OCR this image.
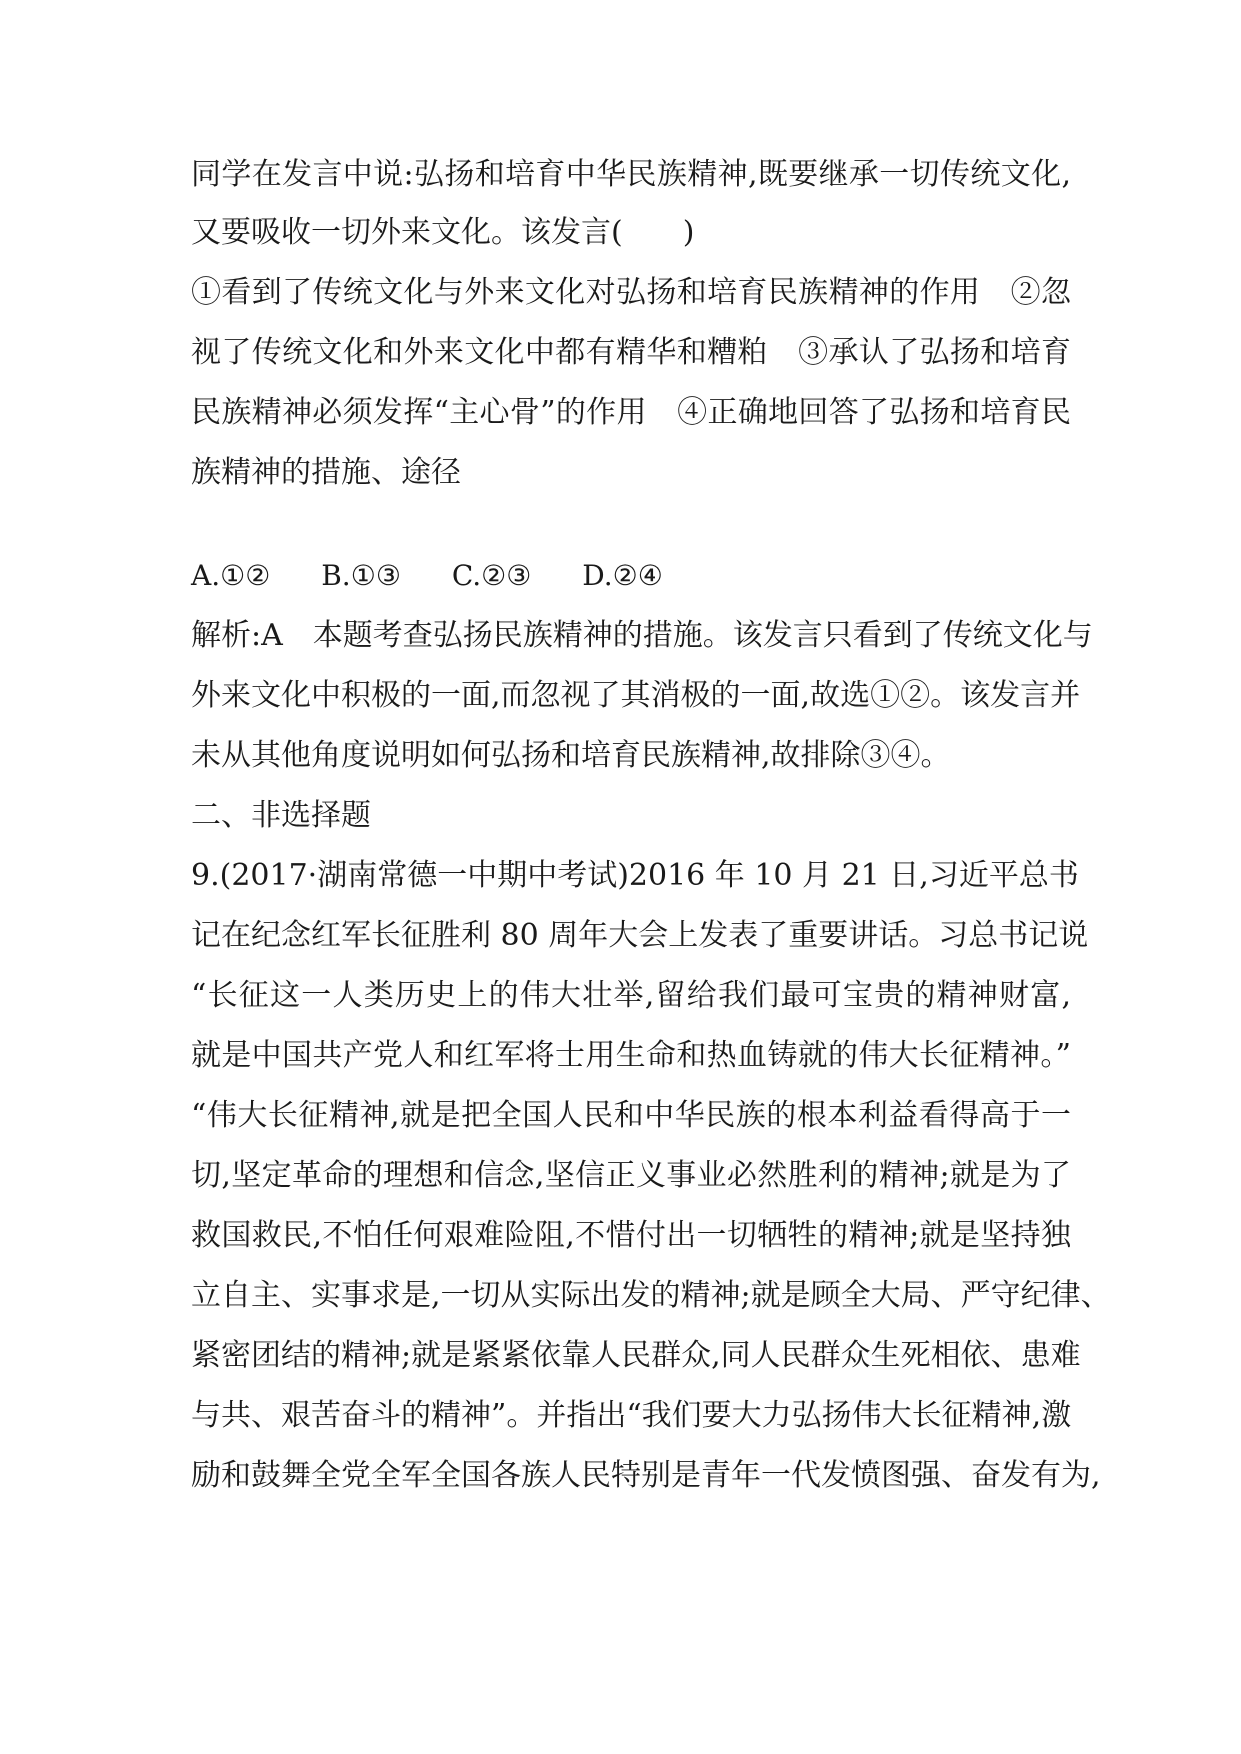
同学在发言中说:弘扬和培育中华民族精神,既要继承一切传统文化,
又要吸收一切外来文化。该发言(　　)
①看到了传统文化与外来文化对弘扬和培育民族精神的作用　②忽
视了传统文化和外来文化中都有精华和糟粕　③承认了弘扬和培育
民族精神必须发挥“主心骨”的作用　④正确地回答了弘扬和培育民
族精神的措施、途径
A.①② B.①③ C.②③ D.②④
解析:A　本题考查弘扬民族精神的措施。该发言只看到了传统文化与
外来文化中积极的一面,而忽视了其消极的一面,故选①②。该发言并
未从其他角度说明如何弘扬和培育民族精神,故排除③④。
二、非选择题
9.(2017·湖南常德一中期中考试)2016 年 10 月 21 日,习近平总书
记在纪念红军长征胜利 80 周年大会上发表了重要讲话。习总书记说
“长征这一人类历史上的伟大壮举,留给我们最可宝贵的精神财富,
就是中国共产党人和红军将士用生命和热血铸就的伟大长征精神。”
“伟大长征精神,就是把全国人民和中华民族的根本利益看得高于一
切,坚定革命的理想和信念,坚信正义事业必然胜利的精神;就是为了
救国救民,不怕任何艰难险阻,不惜付出一切牺牲的精神;就是坚持独
立自主、实事求是,一切从实际出发的精神;就是顾全大局、严守纪律、
紧密团结的精神;就是紧紧依靠人民群众,同人民群众生死相依、患难
与共、艰苦奋斗的精神”。并指出“我们要大力弘扬伟大长征精神,激
励和鼓舞全党全军全国各族人民特别是青年一代发愤图强、奋发有为,
